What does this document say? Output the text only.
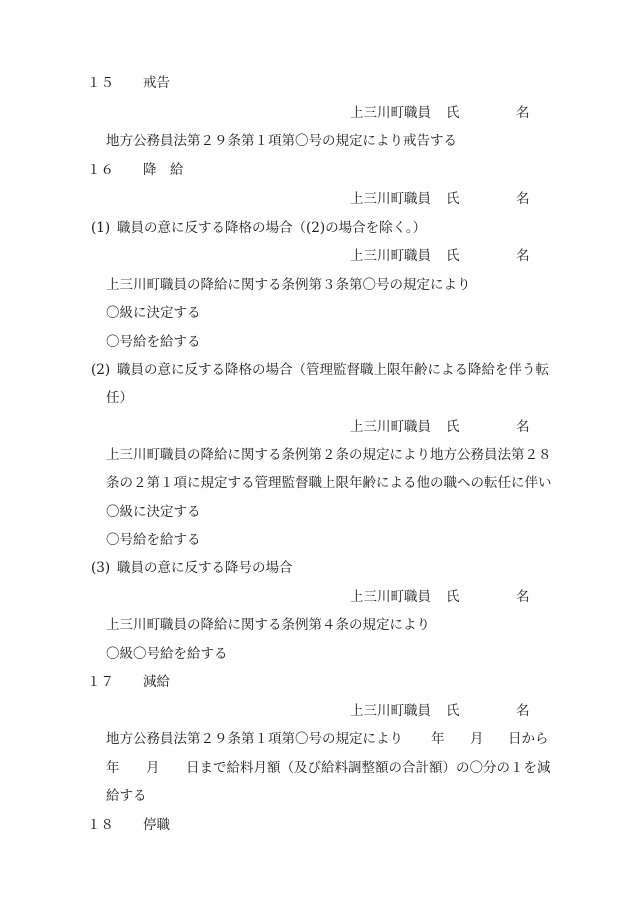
１５ 戒告
上三川町職員 氏	名
地方公務員法第２９条第１項第〇号の規定により戒告する
１６ 降　給
上三川町職員 氏	名
(1) 職員の意に反する降格の場合（(2)の場合を除く。）
上三川町職員 氏	名
上三川町職員の降給に関する条例第３条第〇号の規定により
〇級に決定する
〇号給を給する
(2) 職員の意に反する降格の場合（管理監督職上限年齢による降給を伴う転
任）
上三川町職員 氏	名
上三川町職員の降給に関する条例第２条の規定により地方公務員法第２８
条の２第１項に規定する管理監督職上限年齢による他の職への転任に伴い
〇級に決定する
〇号給を給する
(3) 職員の意に反する降号の場合
上三川町職員 氏	名
上三川町職員の降給に関する条例第４条の規定により
〇級〇号給を給する
１７ 減給
上三川町職員 氏	名
地方公務員法第２９条第１項第〇号の規定により 年 月 日から
年 月 日まで給料月額（及び給料調整額の合計額）の〇分の１を減
給する
１８ 停職
